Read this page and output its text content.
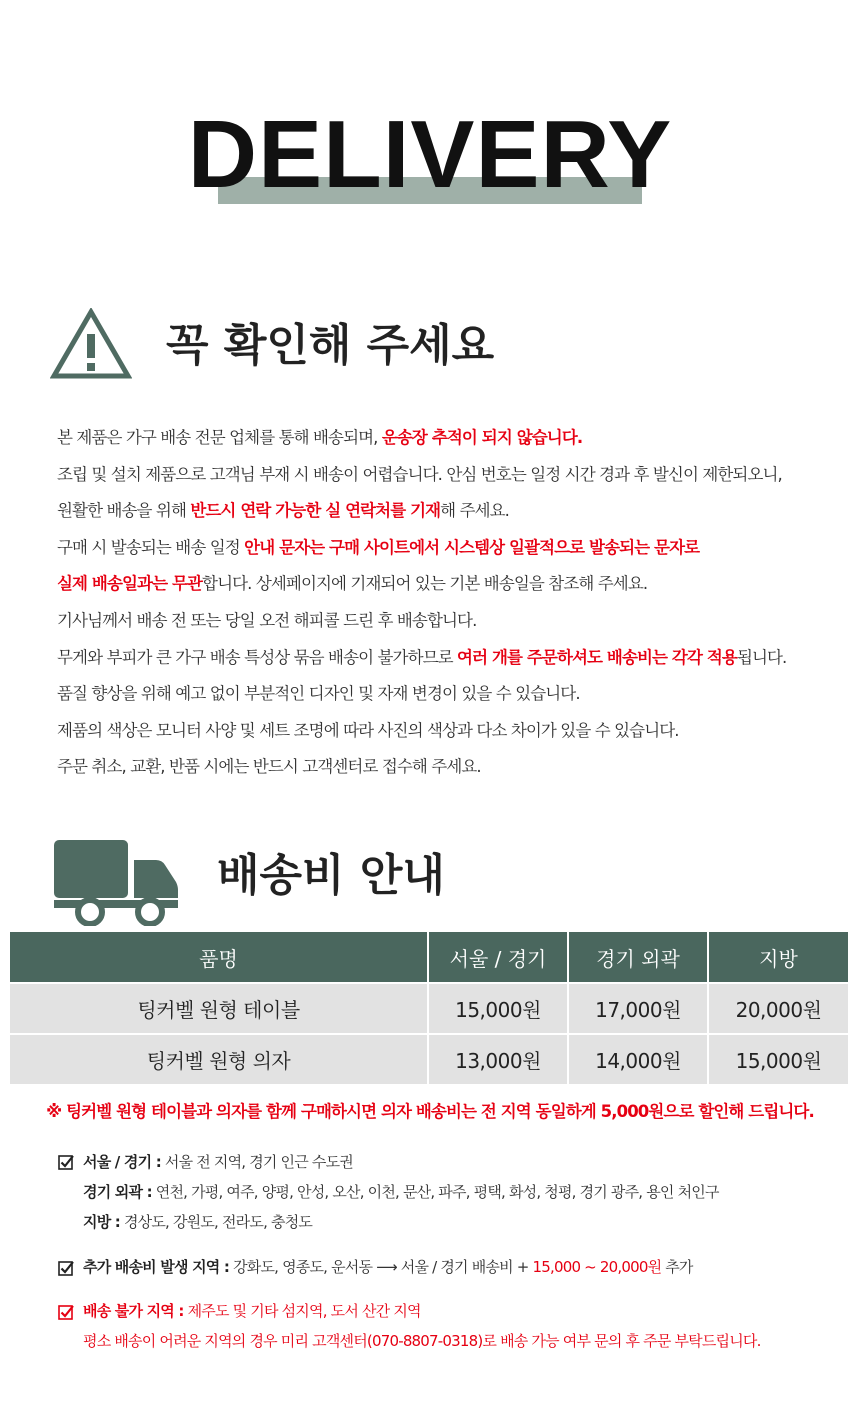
DELIVERY
꼭 확인해 주세요
본 제품은 가구 배송 전문 업체를 통해 배송되며, 운송장 추적이 되지 않습니다.
조립 및 설치 제품으로 고객님 부재 시 배송이 어렵습니다. 안심 번호는 일정 시간 경과 후 발신이 제한되오니,
원활한 배송을 위해 반드시 연락 가능한 실 연락처를 기재해 주세요.
구매 시 발송되는 배송 일정 안내 문자는 구매 사이트에서 시스템상 일괄적으로 발송되는 문자로
실제 배송일과는 무관합니다. 상세페이지에 기재되어 있는 기본 배송일을 참조해 주세요.
기사님께서 배송 전 또는 당일 오전 해피콜 드린 후 배송합니다.
무게와 부피가 큰 가구 배송 특성상 묶음 배송이 불가하므로 여러 개를 주문하셔도 배송비는 각각 적용됩니다.
품질 향상을 위해 예고 없이 부분적인 디자인 및 자재 변경이 있을 수 있습니다.
제품의 색상은 모니터 사양 및 세트 조명에 따라 사진의 색상과 다소 차이가 있을 수 있습니다.
주문 취소, 교환, 반품 시에는 반드시 고객센터로 접수해 주세요.
배송비 안내
품명	서울 / 경기	경기 외곽	지방
팅커벨 원형 테이블	15,000원	17,000원	20,000원
팅커벨 원형 의자	13,000원	14,000원	15,000원
※ 팅커벨 원형 테이블과 의자를 함께 구매하시면 의자 배송비는 전 지역 동일하게 5,000원으로 할인해 드립니다.
서울 / 경기 : 서울 전 지역, 경기 인근 수도권
경기 외곽 : 연천, 가평, 여주, 양평, 안성, 오산, 이천, 문산, 파주, 평택, 화성, 청평, 경기 광주, 용인 처인구
지방 : 경상도, 강원도, 전라도, 충청도
추가 배송비 발생 지역 : 강화도, 영종도, 운서동 ⟶ 서울 / 경기 배송비 + 15,000 ~ 20,000원 추가
배송 불가 지역 : 제주도 및 기타 섬지역, 도서 산간 지역
평소 배송이 어려운 지역의 경우 미리 고객센터(070-8807-0318)로 배송 가능 여부 문의 후 주문 부탁드립니다.
